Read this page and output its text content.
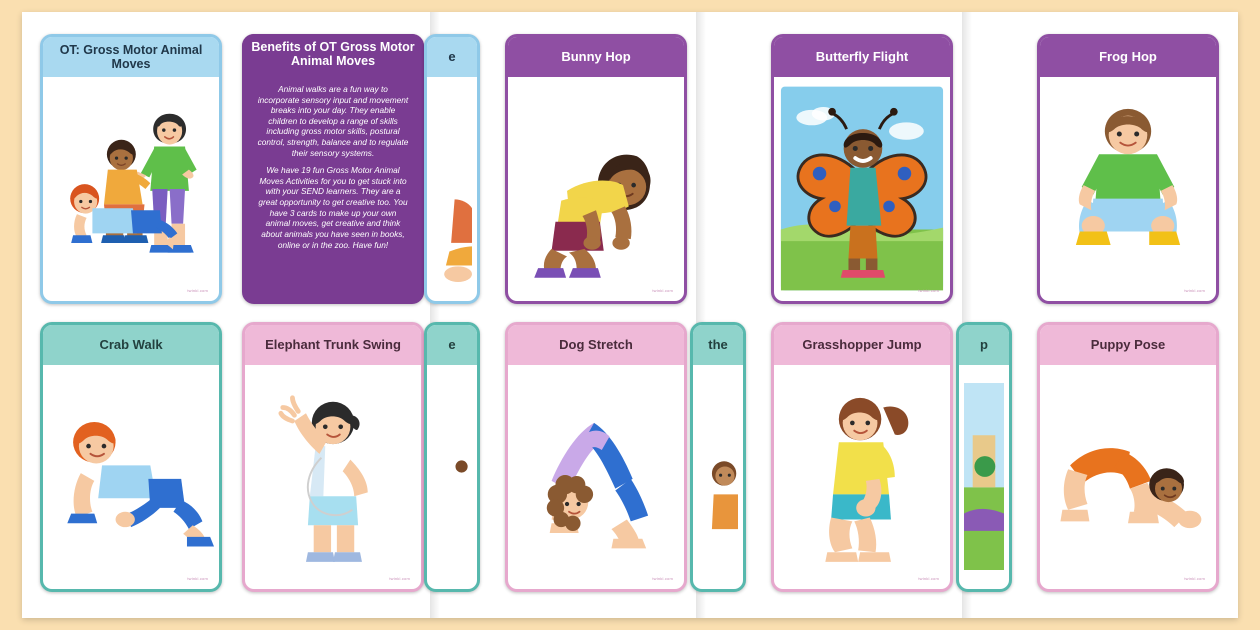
OT: Gross Motor Animal Moves
twinkl.com
Benefits of OT Gross Motor Animal Moves

Animal walks are a fun way to incorporate sensory input and movement breaks into your day. They enable children to develop a range of skills including gross motor skills, postural control, strength, balance and to regulate their sensory systems.

We have 19 fun Gross Motor Animal Moves Activities for you to get stuck into with your SEND learners. They are a great opportunity to get creative too. You have 3 cards to make up your own animal moves, get creative and think about animals you have seen in books, online or in the zoo. Have fun!

e	Bunny Hop
twinkl.com
Butterfly Flight
twinkl.com
Frog Hop
twinkl.com
Crab Walk
twinkl.com
Elephant Trunk Swing
twinkl.com
e	Dog Stretch
twinkl.com
the	Grasshopper Jump
twinkl.com
p	Puppy Pose
twinkl.com
